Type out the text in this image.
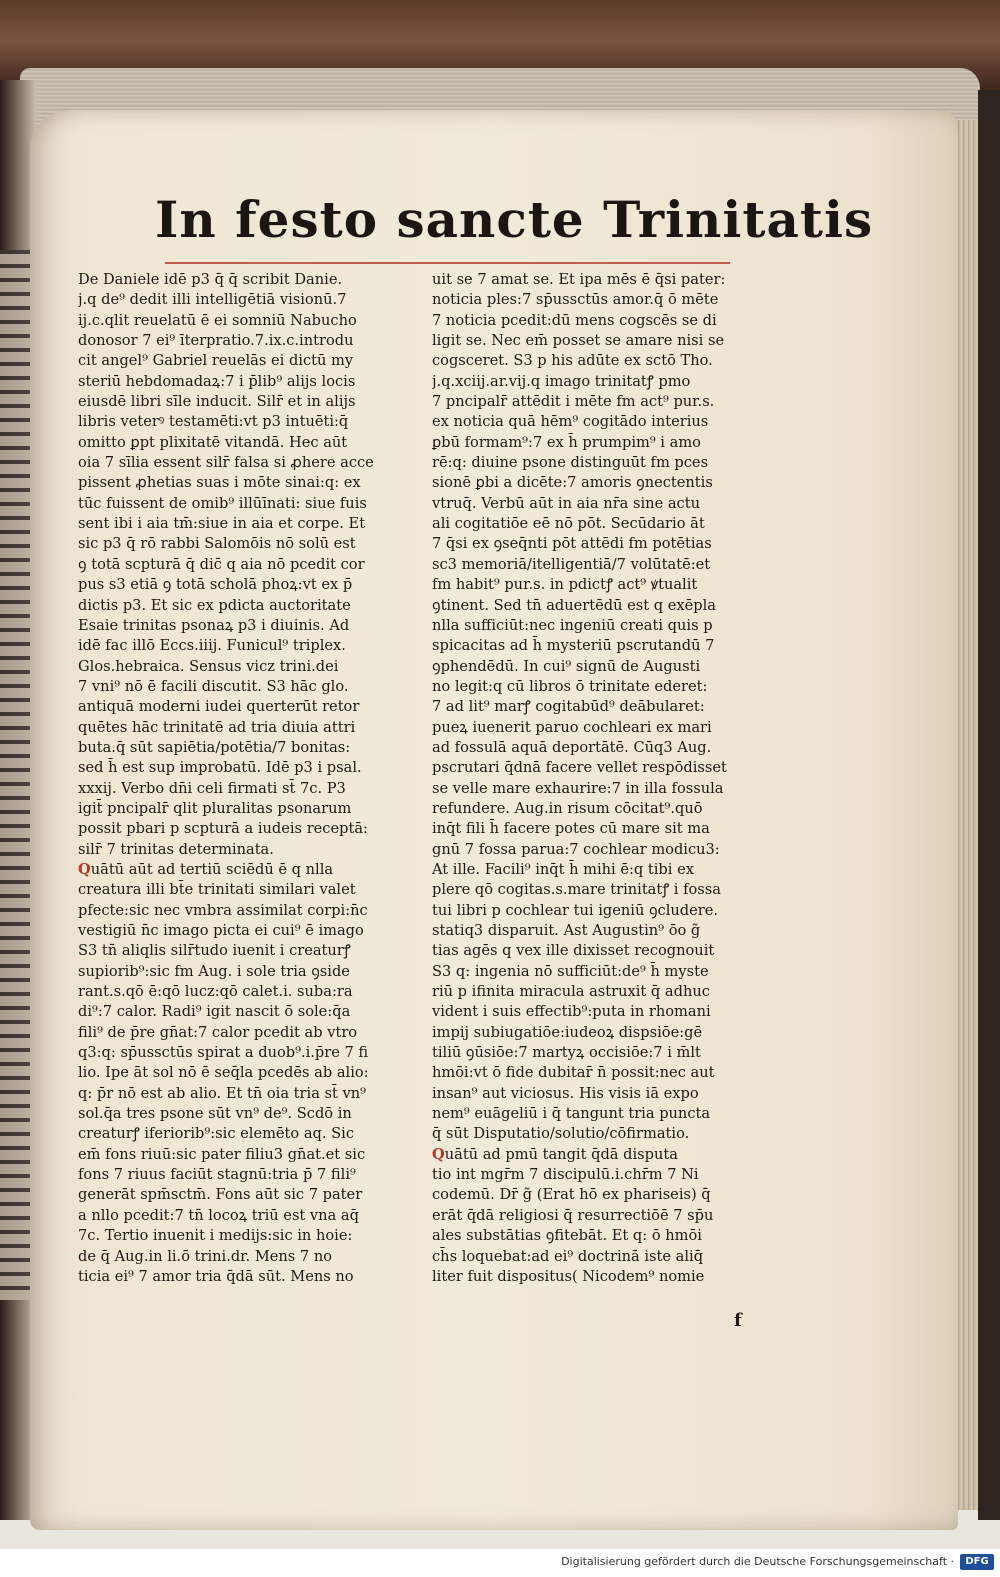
In festo sancte Trinitatis
De Daniele idē p3 q̄ q̄ scribit Danie.
j.q de⁹ dedit illi intelligētiā visionū.7
ij.c.qlit reuelatū ē ei somniū Nabucho
donosor 7 ei⁹ īterpratio.7.ix.c.introdu
cit angel⁹ Gabriel reuelās ei dictū my
steriū hebdomadaꝝ:7 i p̄lib⁹ alijs locis
eiusdē libri sīle inducit. Silr̄ et in alijs
libris veterꝰ testamēti:vt p3 intuēti:q̄
omitto ꝑpt plixitatē vitandā. Hec aūt
oia 7 sīlia essent silr̄ falsa si ꝓhere acce
pissent ꝓhetias suas i mōte sinai:q: ex
tūc fuissent de omib⁹ illūīnati: siue fuis
sent ibi i aia tm̄:siue in aia et corpe. Et
sic p3 q̄ rō rabbi Salomōis nō solū est
ꝯ totā scpturā q̄ dic̄ q aia nō pcedit cor
pus s3 etiā ꝯ totā scholā phoꝝ:vt ex p̄
dictis p3. Et sic ex pdicta auctoritate
Esaie trinitas psonaꝝ p3 i diuinis. Ad
idē fac illō Eccs.iiij. Funicul⁹ triplex.
Glos.hebraica. Sensus vicz trini.dei
7 vni⁹ nō ē facili discutit. S3 hāc glo.
antiquā moderni iudei querterūt retor
quētes hāc trinitatē ad tria diuia attri
buta.q̄ sūt sapiētia/potētia/7 bonitas:
sed h̄ est sup improbatū. Idē p3 i psal.
xxxij. Verbo dn̄i celi firmati st̄ 7c. P3
igit̄ pncipalr̄ qlit pluralitas psonarum
possit pbari p scpturā a iudeis receptā:
silr̄ 7 trinitas determinata.
Quātū aūt ad tertiū sciēdū ē q nlla
creatura illi bt̄e trinitati similari valet
pfecte:sic nec vmbra assimilat corpi:n̄c
vestigiū n̄c imago picta ei cui⁹ ē imago
S3 tn̄ aliqlis silr̄tudo iuenit i creaturꝭ
supiorib⁹:sic fm Aug. i sole tria ꝯside
rant.s.qō ē:qō lucz:qō calet.i. suba:ra
di⁹:7 calor. Radi⁹ igit nascit ō sole:q̄a
fili⁹ de p̄re gn̄at:7 calor pcedit ab vtro
q3:q: sp̄ussctūs spirat a duob⁹.i.p̄re 7 fi
lio. Ipe āt sol nō ē seq̄la pcedēs ab alio:
q: p̄r nō est ab alio. Et tn̄ oia tria st̄ vn⁹
sol.q̄a tres psone sūt vn⁹ de⁹. Scdō in
creaturꝭ iferiorib⁹:sic elemēto aq. Sic
em̄ fons riuū:sic pater filiu3 gn̄at.et sic
fons 7 riuus faciūt stagnū:tria p̄ 7 fili⁹
generāt spm̄sctm̄. Fons aūt sic 7 pater
a nllo pcedit:7 tn̄ locoꝝ triū est vna aq̄
7c. Tertio inuenit i medijs:sic in hoie:
de q̄ Aug.in li.ō trini.dr. Mens 7 no
ticia ei⁹ 7 amor tria q̄dā sūt. Mens no
uit se 7 amat se. Et ipa mēs ē q̄si pater:
noticia ples:7 sp̄ussctūs amor.q̄ ō mēte
7 noticia pcedit:dū mens cogscēs se di
ligit se. Nec em̄ posset se amare nisi se
cogsceret. S3 p his adūte ex sctō Tho.
j.q.xciij.ar.vij.q imago trinitatꝭ pmo
7 pncipalr̄ attēdit i mēte fm act⁹ pur.s.
ex noticia quā hēm⁹ cogitādo interius
ꝑbū formam⁹:7 ex h̄ prumpim⁹ i amo
rē:q: diuine psone distinguūt fm pces
sionē ꝑbi a dicēte:7 amoris ꝯnectentis
vtruq̄. Verbū aūt in aia nr̄a sine actu
ali cogitatiōe eē nō pōt. Secūdario āt
7 q̄si ex ꝯseq̄nti pōt attēdi fm potētias
sc3 memoriā/itelligentiā/7 volūtatē:et
fm habit⁹ pur.s. in pdictꝭ act⁹ ꝟtualit
ꝯtinent. Sed tn̄ aduertēdū est q exēpla
nlla sufficiūt:nec ingeniū creati quis p
spicacitas ad h̄ mysteriū pscrutandū 7
ꝯphendēdū. In cui⁹ signū de Augusti
no legit:q cū libros ō trinitate ederet:
7 ad lit⁹ marꝭ cogitabūd⁹ deābularet:
pueꝝ iuenerit paruo cochleari ex mari
ad fossulā aquā deportātē. Cūq3 Aug.
pscrutari q̄dnā facere vellet respōdisset
se velle mare exhaurire:7 in illa fossula
refundere. Aug.in risum cōcitat⁹.quō
inq̄t fili h̄ facere potes cū mare sit ma
gnū 7 fossa parua:7 cochlear modicu3:
At ille. Facili⁹ inq̄t h̄ mihi ē:q tibi ex
plere qō cogitas.s.mare trinitatꝭ i fossa
tui libri p cochlear tui igeniū ꝯcludere.
statiq3 disparuit. Ast Augustin⁹ ōo g̃
tias agēs q vex ille dixisset recognouit
S3 q: ingenia nō sufficiūt:de⁹ h̄ myste
riū p ifinita miracula astruxit q̄ adhuc
vident i suis effectib⁹:puta in rhomani
impij subiugatiōe:iudeoꝝ dispsiōe:gē
tiliū ꝯūsiōe:7 martyꝝ occisiōe:7 i m̄lt
hmōi:vt ō fide dubitar̄ n̄ possit:nec aut
insan⁹ aut viciosus. His visis iā expo
nem⁹ euāgeliū i q̄ tangunt tria puncta
q̄ sūt Disputatio/solutio/cōfirmatio.
Quātū ad pmū tangit q̄dā disputa
tio int mgr̄m 7 discipulū.i.chr̄m 7 Ni
codemū. Dr̄ g̃ (Erat hō ex phariseis) q̄
erāt q̄dā religiosi q̄ resurrectiōē 7 sp̄u
ales substātias ꝯfitebāt. Et q: ō hmōi
ch̄s loquebat:ad ei⁹ doctrinā iste aliq̄
liter fuit dispositus( Nicodem⁹ nomie
f
Digitalisierung gefördert durch die Deutsche Forschungsgemeinschaft ·	DFG
